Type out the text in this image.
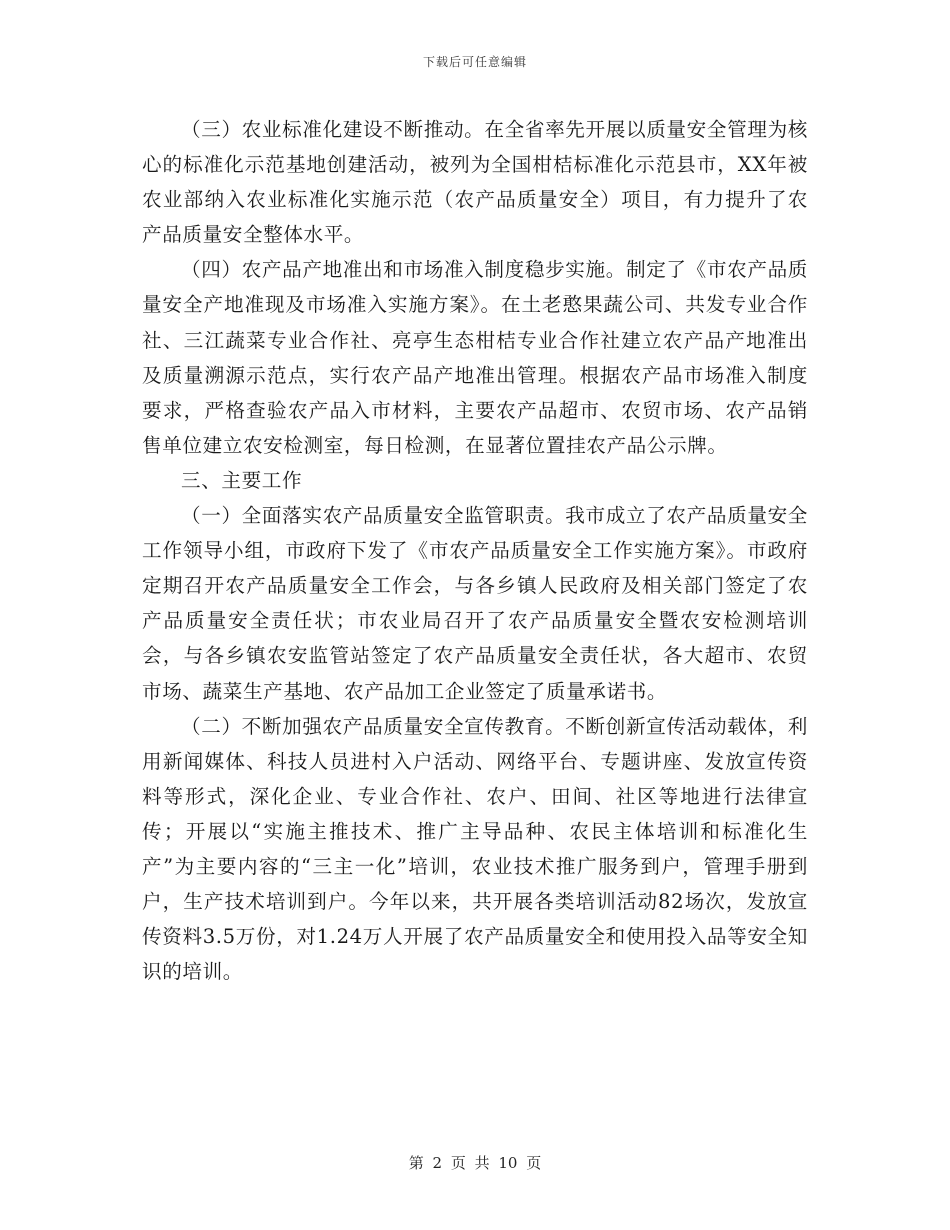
下载后可任意编辑

（三）农业标准化建设不断推动。在全省率先开展以质量安全管理为核心的标准化示范基地创建活动，被列为全国柑桔标准化示范县市，XX年被农业部纳入农业标准化实施示范（农产品质量安全）项目，有力提升了农产品质量安全整体水平。

（四）农产品产地准出和市场准入制度稳步实施。制定了《市农产品质量安全产地准现及市场准入实施方案》。在土老憨果蔬公司、共发专业合作社、三江蔬菜专业合作社、亮亭生态柑桔专业合作社建立农产品产地准出及质量溯源示范点，实行农产品产地准出管理。根据农产品市场准入制度要求，严格查验农产品入市材料，主要农产品超市、农贸市场、农产品销售单位建立农安检测室，每日检测，在显著位置挂农产品公示牌。

三、主要工作

（一）全面落实农产品质量安全监管职责。我市成立了农产品质量安全工作领导小组，市政府下发了《市农产品质量安全工作实施方案》。市政府定期召开农产品质量安全工作会，与各乡镇人民政府及相关部门签定了农产品质量安全责任状；市农业局召开了农产品质量安全暨农安检测培训会，与各乡镇农安监管站签定了农产品质量安全责任状，各大超市、农贸市场、蔬菜生产基地、农产品加工企业签定了质量承诺书。

（二）不断加强农产品质量安全宣传教育。不断创新宣传活动载体，利用新闻媒体、科技人员进村入户活动、网络平台、专题讲座、发放宣传资料等形式，深化企业、专业合作社、农户、田间、社区等地进行法律宣传；开展以“实施主推技术、推广主导品种、农民主体培训和标准化生产”为主要内容的“三主一化”培训，农业技术推广服务到户，管理手册到户，生产技术培训到户。今年以来，共开展各类培训活动82场次，发放宣传资料3.5万份，对1.24万人开展了农产品质量安全和使用投入品等安全知识的培训。

第 2 页 共 10 页
